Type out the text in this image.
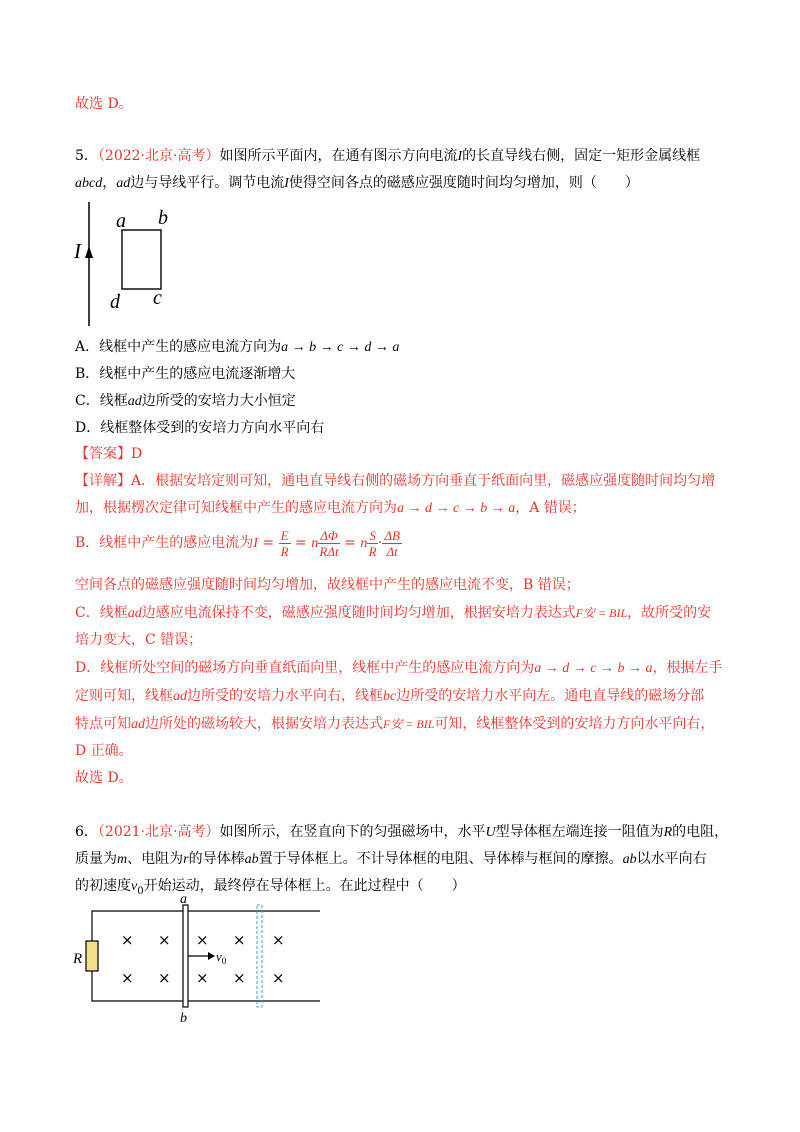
故选 D。
5．（2022·北京·高考）如图所示平面内，在通有图示方向电流I的长直导线右侧，固定一矩形金属线框
abcd，ad边与导线平行。调节电流I使得空间各点的磁感应强度随时间均匀增加，则（　　）
I
a b
c
d
A．线框中产生的感应电流方向为a → b → c → d → a
B．线框中产生的感应电流逐渐增大
C．线框ad边所受的安培力大小恒定
D．线框整体受到的安培力方向水平向右
【答案】D
【详解】A．根据安培定则可知，通电直导线右侧的磁场方向垂直于纸面向里，磁感应强度随时间均匀增
加，根据楞次定律可知线框中产生的感应电流方向为a → d → c → b → a，A 错误；
B．线框中产生的感应电流为$I = \frac{E}{R} = n \frac{\Delta\Phi}{\text{RΔt}} = n \frac{S}{R} \cdot \frac{\Delta B}{\Delta t}$
空间各点的磁感应强度随时间均匀增加，故线框中产生的感应电流不变，B 错误；
C．线框ad边感应电流保持不变，磁感应强度随时间均匀增加，根据安培力表达式F安 = BIL，故所受的安
培力变大，C 错误；
D．线框所处空间的磁场方向垂直纸面向里，线框中产生的感应电流方向为a → d → c → b → a，根据左手
定则可知，线框ad边所受的安培力水平向右，线框bc边所受的安培力水平向左。通电直导线的磁场分部
特点可知ad边所处的磁场较大，根据安培力表达式F安 = BIL可知，线框整体受到的安培力方向水平向右，
D 正确。
故选 D。
6．（2021·北京·高考）如图所示，在竖直向下的匀强磁场中，水平U型导体框左端连接一阻值为R的电阻，
质量为m、电阻为r的导体棒ab置于导体框上。不计导体框的电阻、导体棒与框间的摩擦。ab以水平向右
的初速度$v_0$开始运动，最终停在导体框上。在此过程中（　　）
R
a
b
$v_0$
× × × × ×
× × × × ×
